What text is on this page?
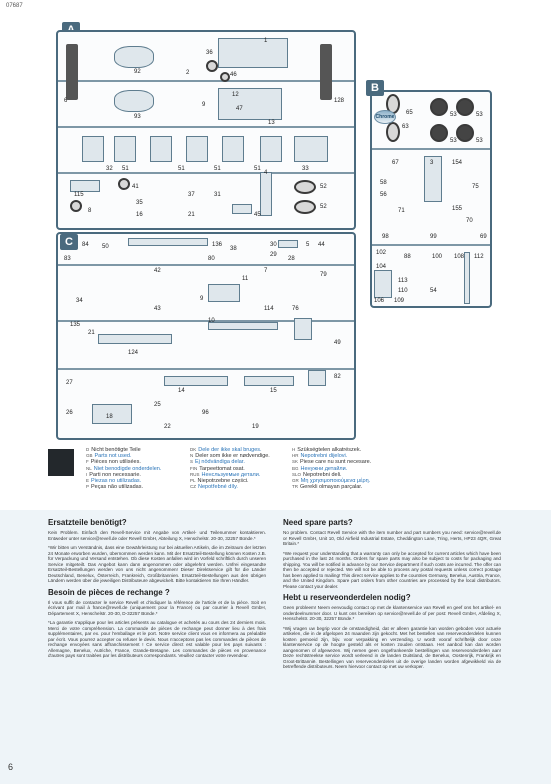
07687
6
92
93
2
36
46
1
13
9
12
47
128
32 51	51	51	51	33
115
41
8
35
16
4
31
21	45
52
52
37
65	53	53
63
53	53
67	3	154
75
58
56
71	155
70
98	99	69
102
104
88	100 108 112
106 109
113
110	54
B
Chrome
84 50	136
38
30
29
5 44
83	80	28
42	7
79
34
43
9
11
114	76
135
10
21
124
49
27
14	15
82
26
18
25
96
22	19
C
D Nicht benötigte Teile
GB Parts not used.
F Pièces non utilisées.
NL Niet benodigde onderdelen.
I Parti non necessarie.
E Piezas no utilizadas.
P Peças não utilizadas.
DK Dele der ikke skal bruges.
N Deler som ikke er nødvendige.
S Ej nödvändiga delar.
FIN Tarpeettomat osat.
RUS Ненсльзуемые детали.
PL Niepotrzebne części.
CZ Nepotřebné díly.
H Szükségtelen alkatrészek.
HR Nepotrebni dijelovi.
SK Piese care nu sunt necesare.
BG Ненужни детайли.
SLO Nepotrebni deli.
GR Μη χρησιμοποιούμενα μέρη.
TR Gerekli olmayan parçalar.
Ersatzteile benötigt?

Kein Problem. Einfach den Revell-Service mit Angabe von Artikel- und Teilenummer kontaktieren. Entweder unter service@revell.de oder Revell GmbH, Abteilung X, Henschelstr. 20-30, 32257 Bünde.*

*Wir bitten um Verständnis, dass eine Gewährleistung nur bei aktuellen Artikeln, die im Zeitraum der letzten 24 Monate erworben wurden, übernommen werden kann. Mit der Ersatzteil-Bestellung können Kosten z.B. für Verpackung und Versand entstehen. Ob diese Kosten anfallen wird im Vorfeld schriftlich durch unseren Service mitgeteilt. Das Angebot kann dann angenommen oder abgelehnt werden. Unfrei eingesandte Ersatzteil-Bestellungen werden von uns nicht angenommen! Dieser Direktservice gilt für die Länder Deutschland, Benelux, Österreich, Frankreich, Großbritannien. Ersatzteil-Bestellungen aus den übrigen Ländern werden über die jeweiligen Distributeure abgewickelt. Bitte kontaktieren Sie Ihren Händler.

Besoin de pièces de rechange ?

Il vous suffit de contacter le service Revell et d'indiquer la référence de l'article et de la pièce. Soit en écrivant par mail à france@revell.de (uniquement pour la France) ou par courrier à Revell GmbH, Département X, Henschelstr. 20-30, D-32257 Bünde.*

*La garantie s'applique pour les articles présents au catalogue et achetés au cours des 24 derniers mois. Merci de votre compréhension. La commande de pièces de rechange peut donner lieu à des frais supplémentaires, par ex. pour l'emballage et le port. Notre service client vous en informera au préalable par écrit. Vous pourrez accepter ou refuser le devis. Nous n'acceptons pas les commandes de pièces de rechange envoyées sans affranchissement ! Ce service direct est valable pour les pays suivants : Allemagne, Benelux, Autriche, France, Grande-Bretagne. Les commandes de pièces en provenance d'autres pays sont traitées par les distributeurs correspondants. Veuillez contacter votre revendeur.

Need spare parts?

No problem. Contact Revell Service with the item number and part numbers you need: service@revell.de or Revell GmbH, Unit 10, Old Airfield Industrial Estate, Cheddington Lane, Tring, Herts, HP23 4QR, Great Britain.*

*We request your understanding that a warranty can only be accepted for current articles which have been purchased in the last 24 months. Orders for spare parts may also be subject to costs for packaging and shipping. You will be notified in advance by our Service department if such costs are incurred. The offer can then be accepted or rejected. We will not be able to process any postal requests unless correct postage has been applied to mailing! This direct service applies to the countries Germany, Benelux, Austria, France, and the United Kingdom. Spare part orders from other countries are processed by the local distributors. Please contact your dealer.

Hebt u reserveonderdelen nodig?

Geen probleem! Neem eenvoudig contact op met de klantenservice van Revell en geef ons het artikel- en onderdeelnummer door. U kunt ons bereiken op service@revell.de of per post: Revell GmbH, Afdeling X, Henschelstr. 20-30, 32257 Bünde.*

*Wij vragen uw begrip voor de omstandigheid, dat er alleen garantie kan worden geboden voor actuele artikelen, die in de afgelopen 24 maanden zijn gekocht. Met het bestellen van reserveonderdelen kunnen kosten gemoeid zijn, bijv. voor verpakking en verzending. U wordt vooraf schriftelijk door onze klantenservice op de hoogte gesteld als er kosten zouden ontstaan. Het aanbod kan dan worden aangenomen of afgewezen. Wij nemen geen ongefrankeerde bestellingen van reserveonderdelen aan! Deze rechtstreekse service wordt verleend in de landen Duitsland, de Benelux, Oostenrijk, Frankrijk en Groot-Brittannië. Bestellingen van reserveonderdelen uit de overige landen worden afgewikkeld via de betreffende distributeurs. Neem hiervoor contact op met uw verkoper.

6
